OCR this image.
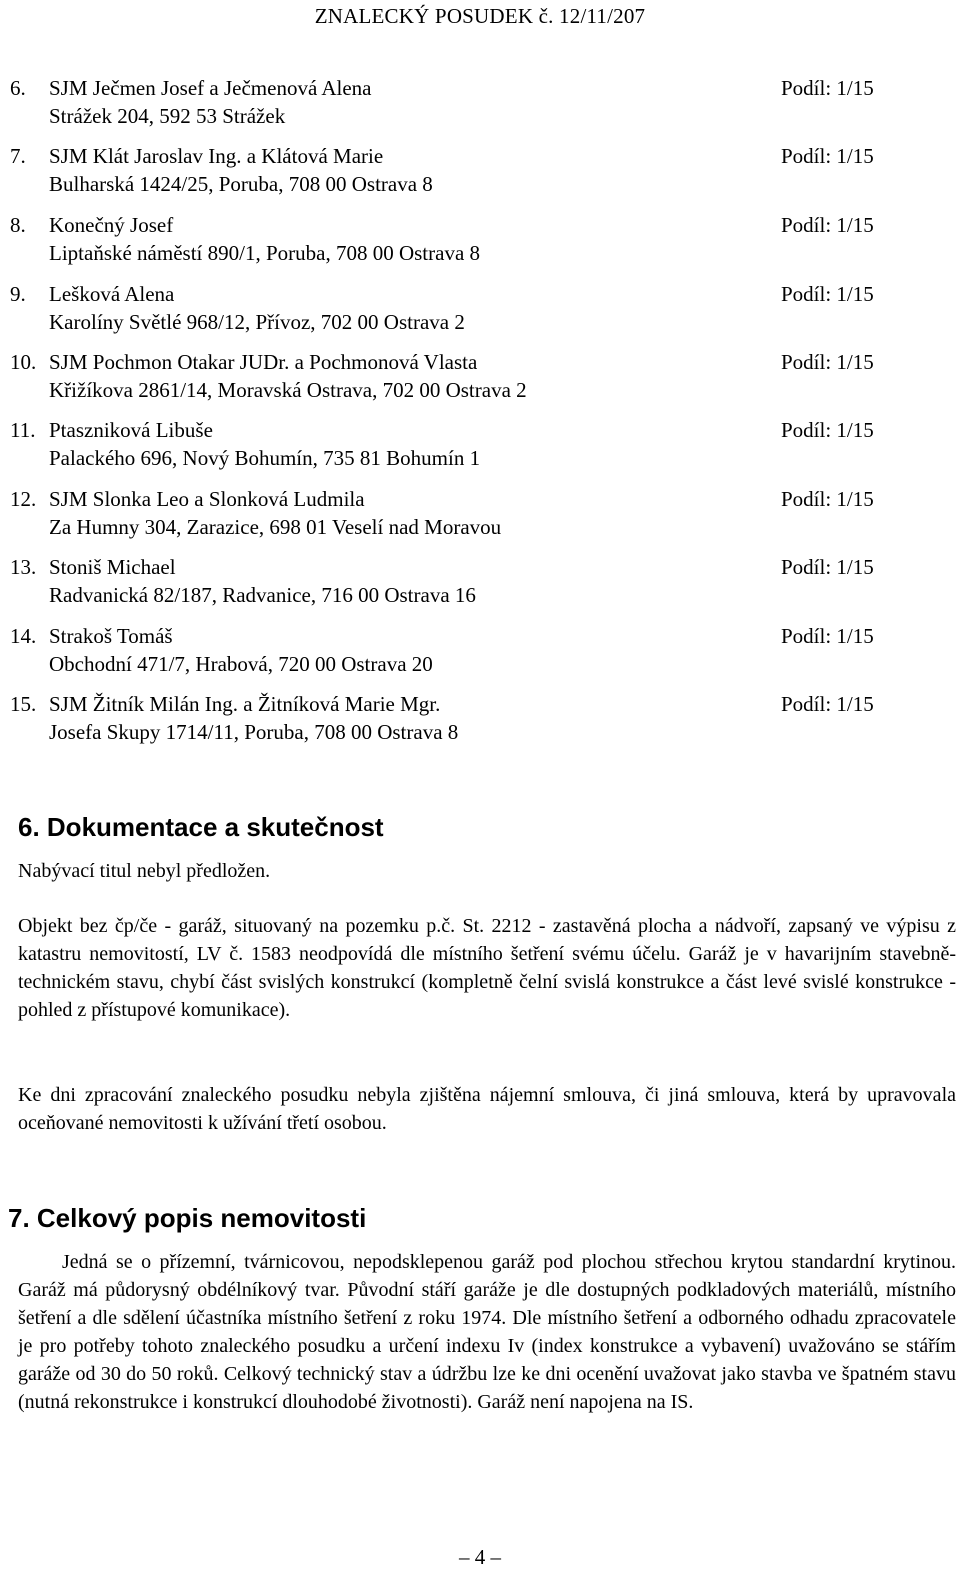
ZNALECKÝ POSUDEK č. 12/11/207
6. SJM Ječmen Josef a Ječmenová Alena
Strážek 204, 592 53 Strážek
Podíl: 1/15
7. SJM Klát Jaroslav Ing. a Klátová Marie
Bulharská 1424/25, Poruba, 708 00 Ostrava 8
Podíl: 1/15
8. Konečný Josef
Liptaňské náměstí 890/1, Poruba, 708 00 Ostrava 8
Podíl: 1/15
9. Lešková Alena
Karolíny Světlé 968/12, Přívoz, 702 00 Ostrava 2
Podíl: 1/15
10. SJM Pochmon Otakar JUDr. a Pochmonová Vlasta
Křižíkova 2861/14, Moravská Ostrava, 702 00 Ostrava 2
Podíl: 1/15
11. Ptaszniková Libuše
Palackého 696, Nový Bohumín, 735 81 Bohumín 1
Podíl: 1/15
12. SJM Slonka Leo a Slonková Ludmila
Za Humny 304, Zarazice, 698 01 Veselí nad Moravou
Podíl: 1/15
13. Stoniš Michael
Radvanická 82/187, Radvanice, 716 00 Ostrava 16
Podíl: 1/15
14. Strakoš Tomáš
Obchodní 471/7, Hrabová, 720 00 Ostrava 20
Podíl: 1/15
15. SJM Žitník Milán Ing. a Žitníková Marie Mgr.
Josefa Skupy 1714/11, Poruba, 708 00 Ostrava 8
Podíl: 1/15
6. Dokumentace a skutečnost

Nabývací titul nebyl předložen.

Objekt bez čp/če - garáž, situovaný na pozemku p.č. St. 2212 - zastavěná plocha a nádvoří, zapsaný ve výpisu z katastru nemovitostí, LV č. 1583 neodpovídá dle místního šetření svému účelu. Garáž je v havarijním stavebně-technickém stavu, chybí část svislých konstrukcí (kompletně čelní svislá konstrukce a část levé svislé konstrukce - pohled z přístupové komunikace).

Ke dni zpracování znaleckého posudku nebyla zjištěna nájemní smlouva, či jiná smlouva, která by upravovala oceňované nemovitosti k užívání třetí osobou.

7. Celkový popis nemovitosti

Jedná se o přízemní, tvárnicovou, nepodsklepenou garáž pod plochou střechou krytou standardní krytinou. Garáž má půdorysný obdélníkový tvar. Původní stáří garáže je dle dostupných podkladových materiálů, místního šetření a dle sdělení účastníka místního šetření z roku 1974. Dle místního šetření a odborného odhadu zpracovatele je pro potřeby tohoto znaleckého posudku a určení indexu Iv (index konstrukce a vybavení) uvažováno se stářím garáže od 30 do 50 roků. Celkový technický stav a údržbu lze ke dni ocenění uvažovat jako stavba ve špatném stavu (nutná rekonstrukce i konstrukcí dlouhodobé životnosti). Garáž není napojena na IS.

– 4 –
